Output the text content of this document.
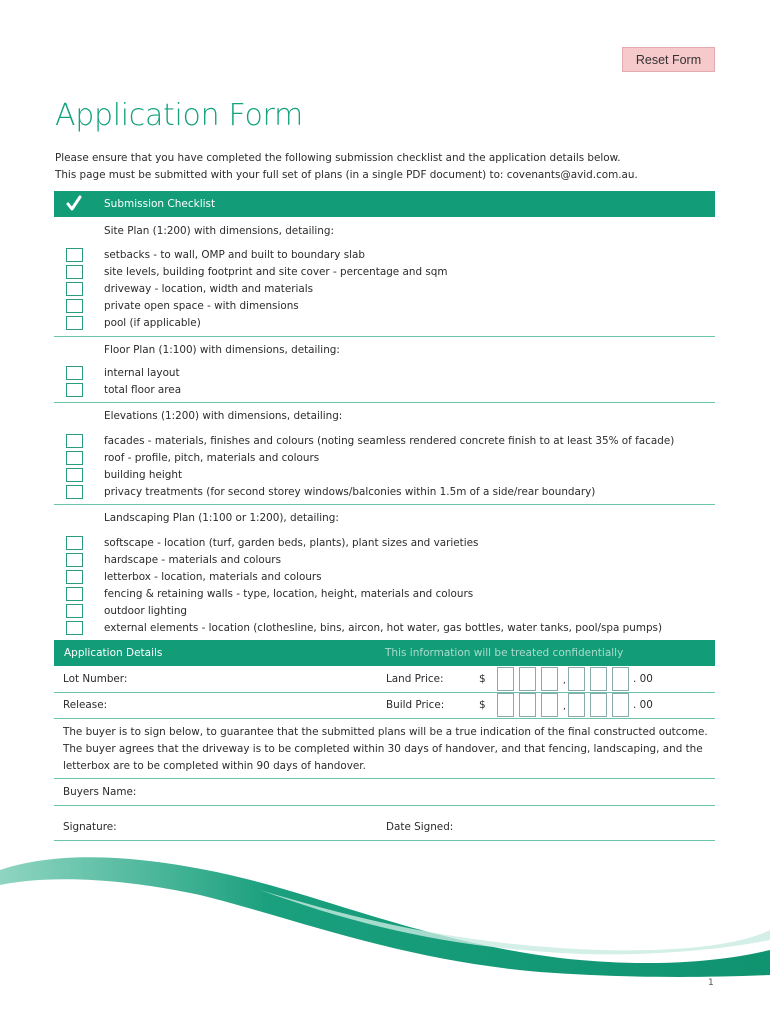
Reset Form
Application Form
Please ensure that you have completed the following submission checklist and the application details below.
This page must be submitted with your full set of plans (in a single PDF document) to: covenants@avid.com.au.
Submission Checklist
Site Plan (1:200) with dimensions, detailing:
setbacks - to wall, OMP and built to boundary slab
site levels, building footprint and site cover - percentage and sqm
driveway - location, width and materials
private open space - with dimensions
pool (if applicable)
Floor Plan (1:100) with dimensions, detailing:
internal layout
total floor area
Elevations (1:200) with dimensions, detailing:
facades - materials, finishes and colours (noting seamless rendered concrete finish to at least 35% of facade)
roof - profile, pitch, materials and colours
building height
privacy treatments (for second storey windows/balconies within 1.5m of a side/rear boundary)
Landscaping Plan (1:100 or 1:200), detailing:
softscape - location (turf, garden beds, plants), plant sizes and varieties
hardscape - materials and colours
letterbox - location, materials and colours
fencing & retaining walls - type, location, height, materials and colours
outdoor lighting
external elements - location (clothesline, bins, aircon, hot water, gas bottles, water tanks, pool/spa pumps)
Application Details	This information will be treated confidentially
Lot Number:	Land Price:	$	,	. 00
Release:	Build Price:	$	,	. 00
The buyer is to sign below, to guarantee that the submitted plans will be a true indication of the final constructed outcome. The buyer agrees that the driveway is to be completed within 30 days of handover, and that fencing, landscaping, and the letterbox are to be completed within 90 days of handover.
Buyers Name:
Signature:	Date Signed:
1
